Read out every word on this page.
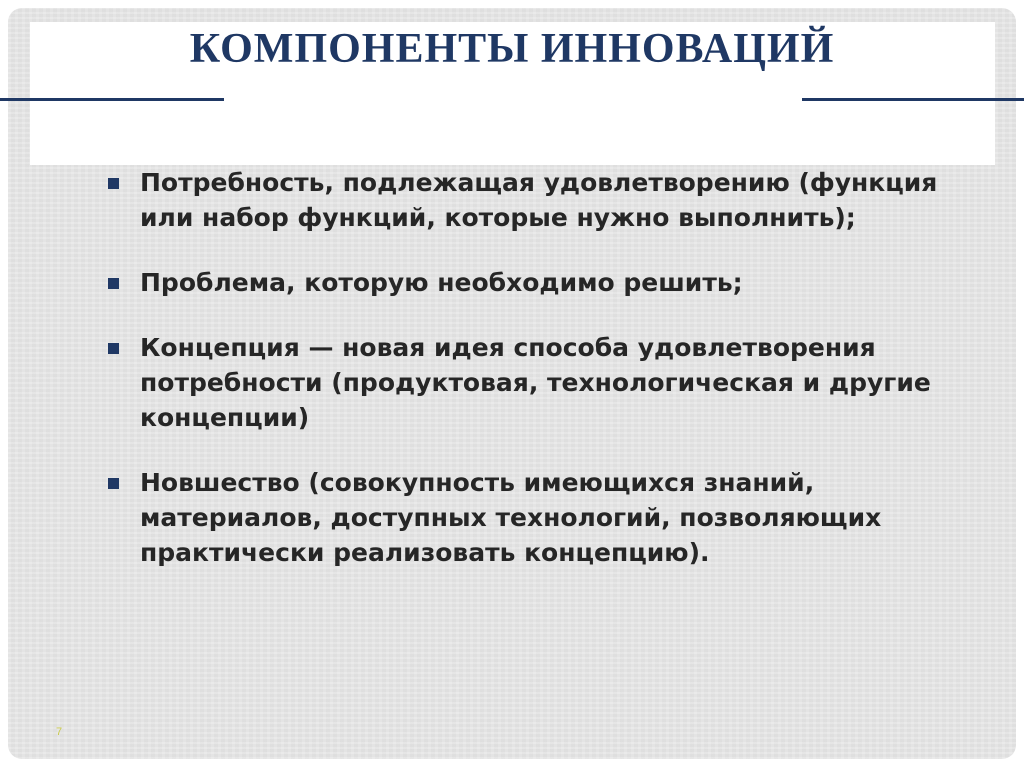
КОМПОНЕНТЫ ИННОВАЦИЙ
Потребность, подлежащая удовлетворению (функция или набор функций, которые нужно выполнить);
Проблема, которую необходимо решить;
Концепция — новая идея способа удовлетворения потребности (продуктовая, технологическая и другие концепции)
Новшество (совокупность имеющихся знаний, материалов, доступных технологий, позволяющих практически реализовать концепцию).
7
